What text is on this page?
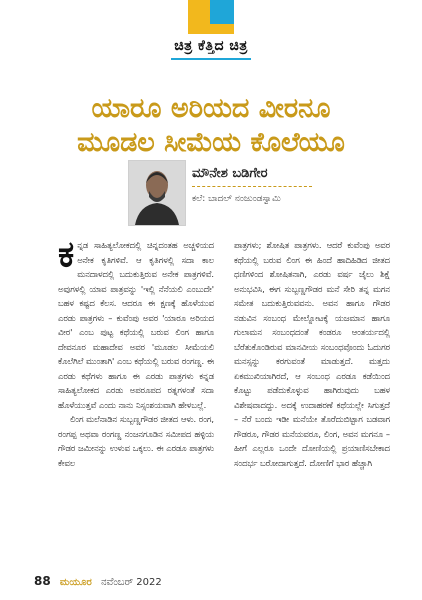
ಚಿತ್ರ ಕೆತ್ತಿದ ಚಿತ್ರ
ಯಾರೂ ಅರಿಯದ ವೀರನೂ
ಮೂಡಲ ಸೀಮೆಯ ಕೊಲೆಯೂ
ಮೌನೇಶ ಬಡಿಗೇರ
ಕಲೆ: ಬಾದಲ್ ನಂಜುಂಡಸ್ವಾಮಿ
ಕ ನ್ನಡ ಸಾಹಿತ್ಯಲೋಕದಲ್ಲಿ ಚಿನ್ನದಂತಹ ಅಚ್ಚಳಿಯದ ಅನೇಕ ಕೃತಿಗಳಿವೆ. ಆ ಕೃತಿಗಳಲ್ಲಿ ಸದಾ ಕಾಲ ಮನದಾಳದಲ್ಲಿ ಬದುಕುತ್ತಿರುವ ಅನೇಕ ಪಾತ್ರಗಳಿವೆ. ಅವುಗಳಲ್ಲಿ ಯಾವ ಪಾತ್ರವನ್ನು 'ಇಲ್ಲಿ ನೆನೆಯಲಿ ಎಂಬುದೇ' ಬಹಳ ಕಷ್ಟದ ಕೆಲಸ. ಆದರೂ ಈ ಕ್ಷಣಕ್ಕೆ ಹೊಳೆಯುವ ಎರಡು ಪಾತ್ರಗಳು – ಕುವೆಂಪು ಅವರ 'ಯಾರೂ ಅರಿಯದ ವೀರ' ಎಂಬ ಪುಟ್ಟ ಕಥೆಯಲ್ಲಿ ಬರುವ ಲಿಂಗ ಹಾಗೂ ದೇವನೂರ ಮಹಾದೇವ ಅವರ 'ಮೂಡಲ ಸೀಮೆಯಲಿ ಕೊಲೆಗಿಲೆ ಮುಂತಾಗಿ' ಎಂಬ ಕಥೆಯಲ್ಲಿ ಬರುವ ರಂಗಣ್ಣ. ಈ ಎರಡು ಕಥೆಗಳು ಹಾಗೂ ಈ ಎರಡು ಪಾತ್ರಗಳು ಕನ್ನಡ ಸಾಹಿತ್ಯಲೋಕದ ಎರಡು ಅಪರೂಪದ ರತ್ನಗಳಂತೆ ಸದಾ ಹೊಳೆಯುತ್ತವೆ ಎಂದು ನಾನು ನಿಸ್ಸಂಶಯವಾಗಿ ಹೇಳಬಲ್ಲೆ.

ಲಿಂಗ ಮಲೆನಾಡಿನ ಸುಬ್ಬಣ್ಣಗೌಡರ ಜೀತದ ಆಳು. ರಂಗ, ರಂಗಪ್ಪ ಅಥವಾ ರಂಗಣ್ಣ ನಂಜನಗೂಡಿನ ಸಮೀಪದ ಹಳ್ಳಿಯ ಗೌಡರ ಜಮೀನನ್ನು ಉಳುವ ಒಕ್ಕಲು. ಈ ಎರಡೂ ಪಾತ್ರಗಳು ಕೇವಲ

ಪಾತ್ರಗಳು; ಶೋಷಿತ ಪಾತ್ರಗಳು. ಆದರೆ ಕುವೆಂಪು ಅವರ ಕಥೆಯಲ್ಲಿ ಬರುವ ಲಿಂಗ ಈ ಹಿಂದೆ ಹಾದಿಹಿಡಿದ ಜೀತದ ಧಣಿಗಳಿಂದ ಶೋಷಿತನಾಗಿ, ಎರಡು ವರ್ಷ ಜೈಲು ಶಿಕ್ಷೆ ಅನುಭವಿಸಿ, ಈಗ ಸುಬ್ಬಣ್ಣಗೌಡರ ಮನೆ ಸೇರಿ ತನ್ನ ಮಗನ ಸಮೇತ ಬದುಕುತ್ತಿರುವವನು. ಅವನ ಹಾಗೂ ಗೌಡರ ನಡುವಿನ ಸಂಬಂಧ ಮೇಲ್ನೋಟಕ್ಕೆ ಯಜಮಾನ ಹಾಗೂ ಗುಲಾಮನ ಸಂಬಂಧದಂತೆ ಕಂಡರೂ ಆಂತರ್ಯದಲ್ಲಿ ಬೆರೆತುಕೊಂಡಿರುವ ಮಾನವೀಯ ಸಂಬಂಧವೊಂದು ಓದುಗರ ಮನಸ್ಸನ್ನು ಕರಗುವಂತೆ ಮಾಡುತ್ತದೆ. ಮತ್ತದು ಏಕಮುಖಿಯಾಗಿರದೆ, ಆ ಸಂಬಂಧ ಎರಡೂ ಕಡೆಯಿಂದ ಕೊಟ್ಟು ಪಡೆದುಕೊಳ್ಳುವ ಹಾಗಿರುವುದು ಬಹಳ ವಿಶೇಷವಾದದ್ದು. ಅದಕ್ಕೆ ಉದಾಹರಣೆ ಕಥೆಯಲ್ಲೇ ಸಿಗುತ್ತದೆ – ನೆರೆ ಬಂದು ಇಡೀ ಮನೆಯೇ ತೊರೆದುಬಿಟ್ಟಾಗ ಬಡವಾಗ ಗೌಡರೂ, ಗೌಡರ ಮನೆಯವರೂ, ಲಿಂಗ, ಅವನ ಮಗನೂ – ಹೀಗೆ ಎಲ್ಲರೂ ಒಂದೇ ದೋಣಿಯಲ್ಲಿ ಪ್ರಯಾಣಿಸಬೇಕಾದ ಸಂದರ್ಭ ಬರೋದಾಗುತ್ತದೆ. ದೋಣಿಗೆ ಭಾರ ಹೆಚ್ಚಾಗಿ

88 ಮಯೂರ ನವೆಂಬರ್ 2022
